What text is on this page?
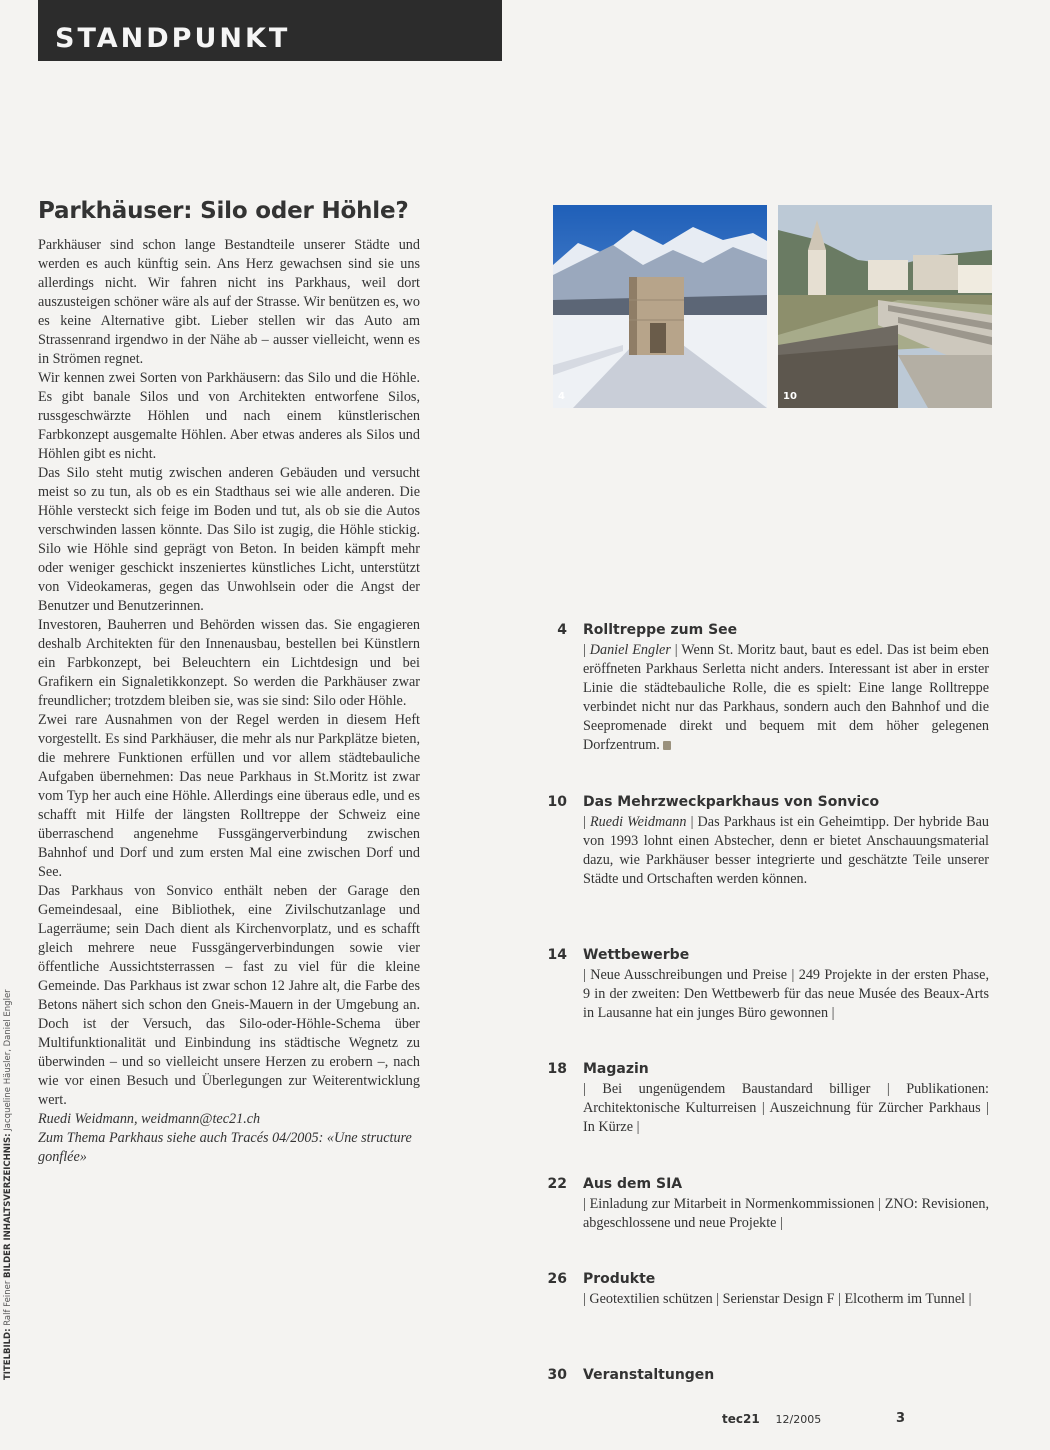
STANDPUNKT
Parkhäuser: Silo oder Höhle?

Parkhäuser sind schon lange Bestandteile unserer Städte und werden es auch künftig sein. Ans Herz gewachsen sind sie uns allerdings nicht. Wir fahren nicht ins Parkhaus, weil dort auszusteigen schöner wäre als auf der Strasse. Wir benützen es, wo es keine Alternative gibt. Lieber stellen wir das Auto am Strassenrand irgendwo in der Nähe ab – ausser vielleicht, wenn es in Strömen regnet.

Wir kennen zwei Sorten von Parkhäusern: das Silo und die Höhle. Es gibt banale Silos und von Architekten entworfene Silos, russgeschwärzte Höhlen und nach einem künstlerischen Farbkonzept ausgemalte Höhlen. Aber etwas anderes als Silos und Höhlen gibt es nicht.

Das Silo steht mutig zwischen anderen Gebäuden und versucht meist so zu tun, als ob es ein Stadthaus sei wie alle anderen. Die Höhle versteckt sich feige im Boden und tut, als ob sie die Autos verschwinden lassen könnte. Das Silo ist zugig, die Höhle stickig. Silo wie Höhle sind geprägt von Beton. In beiden kämpft mehr oder weniger geschickt inszeniertes künstliches Licht, unterstützt von Videokameras, gegen das Unwohlsein oder die Angst der Benutzer und Benutzerinnen.

Investoren, Bauherren und Behörden wissen das. Sie engagieren deshalb Architekten für den Innenausbau, bestellen bei Künstlern ein Farbkonzept, bei Beleuchtern ein Lichtdesign und bei Grafikern ein Signaletikkonzept. So werden die Parkhäuser zwar freundlicher; trotzdem bleiben sie, was sie sind: Silo oder Höhle.

Zwei rare Ausnahmen von der Regel werden in diesem Heft vorgestellt. Es sind Parkhäuser, die mehr als nur Parkplätze bieten, die mehrere Funktionen erfüllen und vor allem städtebauliche Aufgaben übernehmen: Das neue Parkhaus in St.Moritz ist zwar vom Typ her auch eine Höhle. Allerdings eine überaus edle, und es schafft mit Hilfe der längsten Rolltreppe der Schweiz eine überraschend angenehme Fussgängerverbindung zwischen Bahnhof und Dorf und zum ersten Mal eine zwischen Dorf und See.

Das Parkhaus von Sonvico enthält neben der Garage den Gemeindesaal, eine Bibliothek, eine Zivilschutzanlage und Lagerräume; sein Dach dient als Kirchenvorplatz, und es schafft gleich mehrere neue Fussgängerverbindungen sowie vier öffentliche Aussichtsterrassen – fast zu viel für die kleine Gemeinde. Das Parkhaus ist zwar schon 12 Jahre alt, die Farbe des Betons nähert sich schon den Gneis-Mauern in der Umgebung an. Doch ist der Versuch, das Silo-oder-Höhle-Schema über Multifunktionalität und Einbindung ins städtische Wegnetz zu überwinden – und so vielleicht unsere Herzen zu erobern –, nach wie vor einen Besuch und Überlegungen zur Weiterentwicklung wert.

Ruedi Weidmann, weidmann@tec21.ch

Zum Thema Parkhaus siehe auch Tracés 04/2005: «Une structure gonflée»

4	10
4 Rolltreppe zum See
| Daniel Engler | Wenn St. Moritz baut, baut es edel. Das ist beim eben eröffneten Parkhaus Serletta nicht anders. Interessant ist aber in erster Linie die städtebauliche Rolle, die es spielt: Eine lange Rolltreppe verbindet nicht nur das Parkhaus, sondern auch den Bahnhof und die Seepromenade direkt und bequem mit dem höher gelegenen Dorfzentrum.
10 Das Mehrzweckparkhaus von Sonvico
| Ruedi Weidmann | Das Parkhaus ist ein Geheimtipp. Der hybride Bau von 1993 lohnt einen Abstecher, denn er bietet Anschauungsmaterial dazu, wie Parkhäuser besser integrierte und geschätzte Teile unserer Städte und Ortschaften werden können.
14 Wettbewerbe
| Neue Ausschreibungen und Preise | 249 Projekte in der ersten Phase, 9 in der zweiten: Den Wettbewerb für das neue Musée des Beaux-Arts in Lausanne hat ein junges Büro gewonnen |
18 Magazin
| Bei ungenügendem Baustandard billiger | Publikationen: Architektonische Kulturreisen | Auszeichnung für Zürcher Parkhaus | In Kürze |
22 Aus dem SIA
| Einladung zur Mitarbeit in Normenkommissionen | ZNO: Revisionen, abgeschlossene und neue Projekte |
26 Produkte
| Geotextilien schützen | Serienstar Design F | Elcotherm im Tunnel |
30 Veranstaltungen
TITELBILD: Ralf Feiner BILDER INHALTSVERZEICHNIS: Jacqueline Häusler, Daniel Engler
tec21 12/2005	3
